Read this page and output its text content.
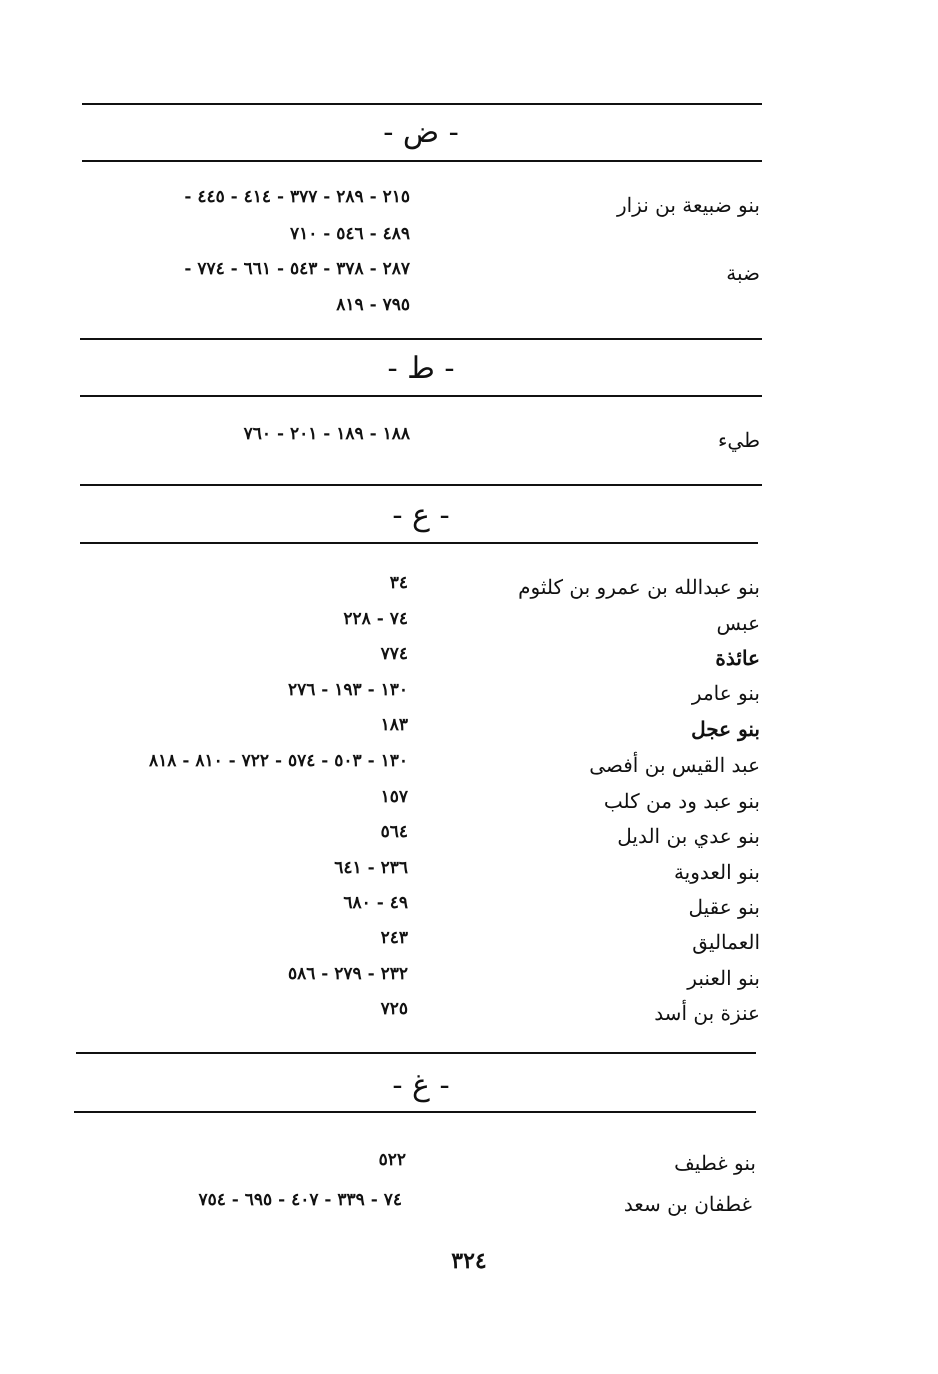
- ض -
بنو ضبيعة بن نزار
٢١٥ - ٢٨٩ - ٣٧٧ - ٤١٤ - ٤٤٥ -
٤٨٩ - ٥٤٦ - ٧١٠
ضبة
٢٨٧ - ٣٧٨ - ٥٤٣ - ٦٦١ - ٧٧٤ -
٧٩٥ - ٨١٩
- ط -
طيء
١٨٨ - ١٨٩ - ٢٠١ - ٧٦٠
- ع -
بنو عبدالله بن عمرو بن كلثوم
٣٤
عبس
٧٤ - ٢٢٨
عائذة
٧٧٤
بنو عامر
١٣٠ - ١٩٣ - ٢٧٦
بنو عجل
١٨٣
عبد القيس بن أفصى
١٣٠ - ٥٠٣ - ٥٧٤ - ٧٢٢ - ٨١٠ - ٨١٨
بنو عبد ود من كلب
١٥٧
بنو عدي بن الديل
٥٦٤
بنو العدوية
٢٣٦ - ٦٤١
بنو عقيل
٤٩ - ٦٨٠
العماليق
٢٤٣
بنو العنبر
٢٣٢ - ٢٧٩ - ٥٨٦
عنزة بن أسد
٧٢٥
- غ -
بنو غطيف
٥٢٢
غطفان بن سعد
٧٤ - ٣٣٩ - ٤٠٧ - ٦٩٥ - ٧٥٤
٣٢٤
